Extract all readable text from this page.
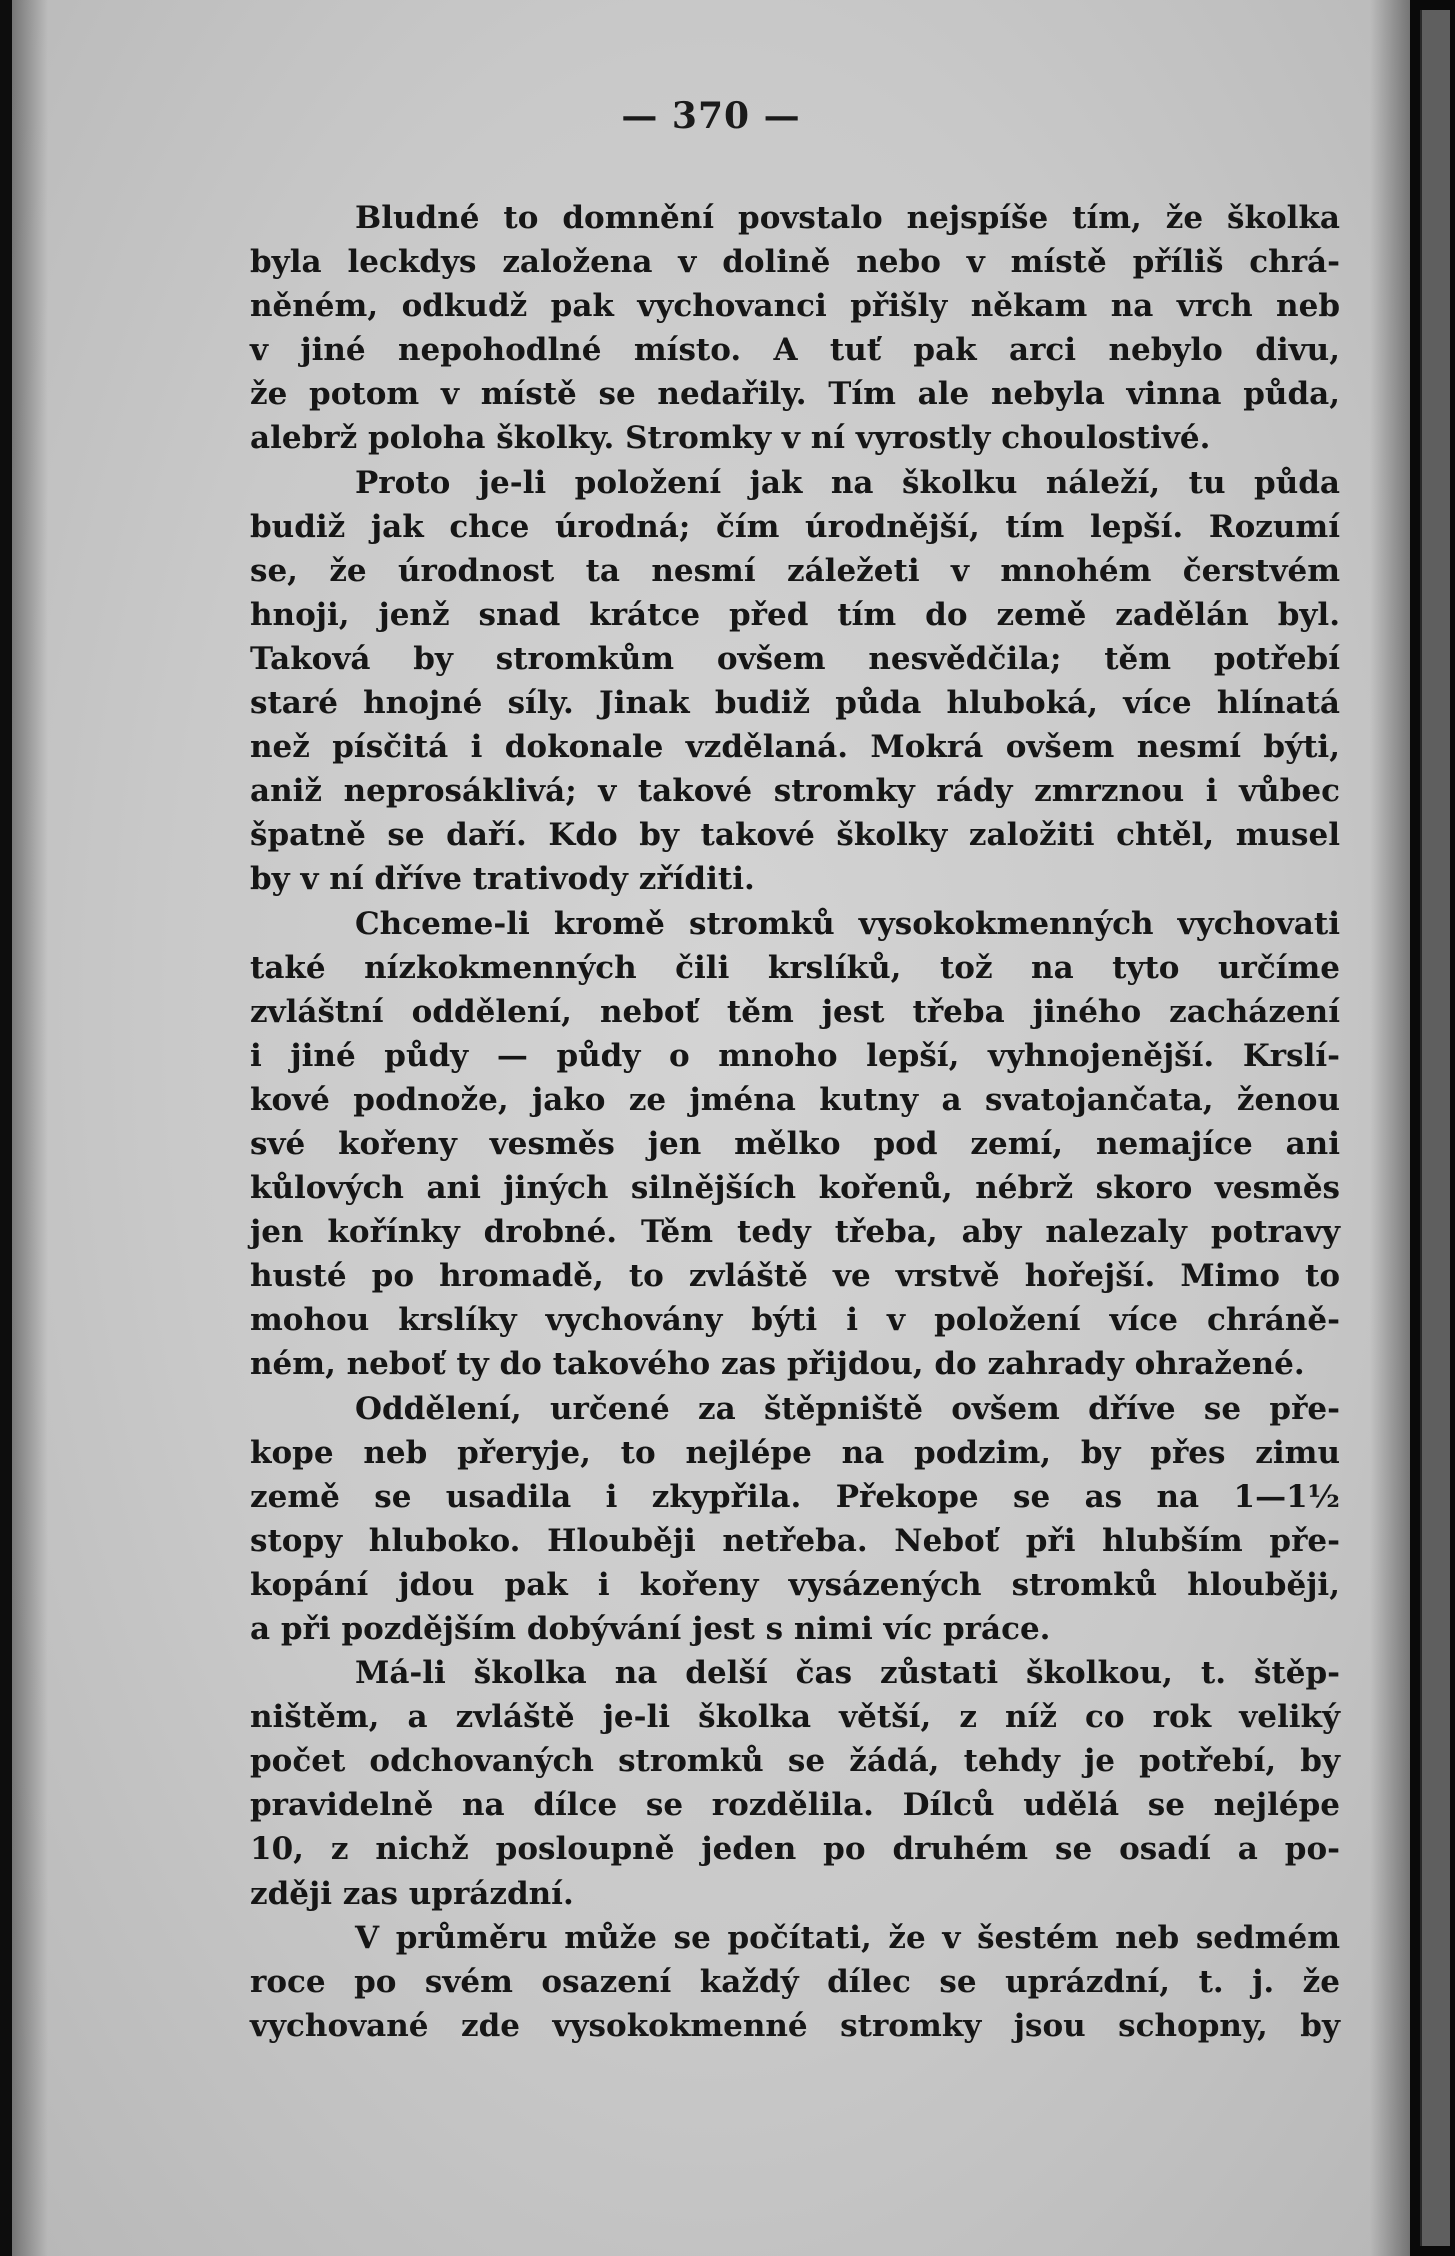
— 370 —
Bludné to domnění povstalo nejspíše tím, že školka
byla leckdys založena v dolině nebo v místě příliš chrá-
něném, odkudž pak vychovanci přišly někam na vrch neb
v jiné nepohodlné místo. A tuť pak arci nebylo divu,
že potom v místě se nedařily. Tím ale nebyla vinna půda,
alebrž poloha školky. Stromky v ní vyrostly choulostivé.
Proto je-li položení jak na školku náleží, tu půda
budiž jak chce úrodná; čím úrodnější, tím lepší. Rozumí
se, že úrodnost ta nesmí záležeti v mnohém čerstvém
hnoji, jenž snad krátce před tím do země zadělán byl.
Taková by stromkům ovšem nesvědčila; těm potřebí
staré hnojné síly. Jinak budiž půda hluboká, více hlínatá
než písčitá i dokonale vzdělaná. Mokrá ovšem nesmí býti,
aniž neprosáklivá; v takové stromky rády zmrznou i vůbec
špatně se daří. Kdo by takové školky založiti chtěl, musel
by v ní dříve trativody zříditi.
Chceme-li kromě stromků vysokokmenných vychovati
také nízkokmenných čili krslíků, tož na tyto určíme
zvláštní oddělení, neboť těm jest třeba jiného zacházení
i jiné půdy — půdy o mnoho lepší, vyhnojenější. Krslí-
kové podnože, jako ze jména kutny a svatojančata, ženou
své kořeny vesměs jen mělko pod zemí, nemajíce ani
kůlových ani jiných silnějších kořenů, nébrž skoro vesměs
jen kořínky drobné. Těm tedy třeba, aby nalezaly potravy
husté po hromadě, to zvláště ve vrstvě hořejší. Mimo to
mohou krslíky vychovány býti i v položení více chráně-
ném, neboť ty do takového zas přijdou, do zahrady ohražené.
Oddělení, určené za štěpniště ovšem dříve se pře-
kope neb přeryje, to nejlépe na podzim, by přes zimu
země se usadila i zkypřila. Překope se as na 1—1½
stopy hluboko. Hlouběji netřeba. Neboť při hlubším pře-
kopání jdou pak i kořeny vysázených stromků hlouběji,
a při pozdějším dobývání jest s nimi víc práce.
Má-li školka na delší čas zůstati školkou, t. štěp-
ništěm, a zvláště je-li školka větší, z níž co rok veliký
počet odchovaných stromků se žádá, tehdy je potřebí, by
pravidelně na dílce se rozdělila. Dílců udělá se nejlépe
10, z nichž posloupně jeden po druhém se osadí a po-
zději zas uprázdní.
V průměru může se počítati, že v šestém neb sedmém
roce po svém osazení každý dílec se uprázdní, t. j. že
vychované zde vysokokmenné stromky jsou schopny, by
